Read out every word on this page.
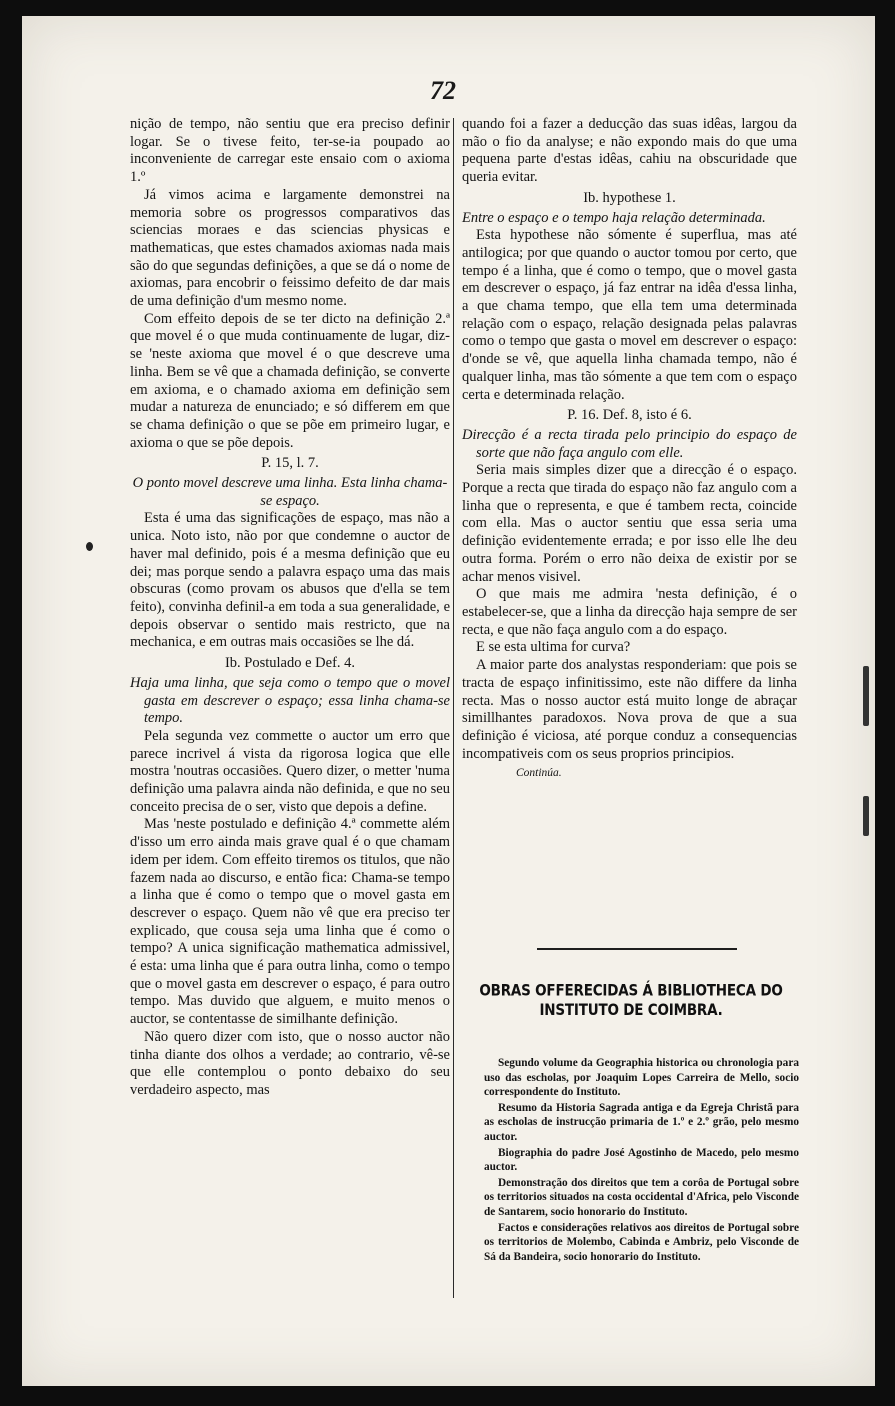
72

nição de tempo, não sentiu que era preciso definir logar. Se o tivese feito, ter-se-ia poupado ao inconveniente de carregar este ensaio com o axioma 1.º

Já vimos acima e largamente demonstrei na memoria sobre os progressos comparativos das sciencias moraes e das sciencias physicas e mathematicas, que estes chamados axiomas nada mais são do que segundas definições, a que se dá o nome de axiomas, para encobrir o feissimo defeito de dar mais de uma definição d'um mesmo nome.

Com effeito depois de se ter dicto na definição 2.ª que movel é o que muda continuamente de lugar, diz-se 'neste axioma que movel é o que descreve uma linha. Bem se vê que a chamada definição, se converte em axioma, e o chamado axioma em definição sem mudar a natureza de enunciado; e só differem em que se chama definição o que se põe em primeiro lugar, e axioma o que se põe depois.

P. 15, l. 7.

O ponto movel descreve uma linha. Esta linha chama-se espaço.

Esta é uma das significações de espaço, mas não a unica. Noto isto, não por que condemne o auctor de haver mal definido, pois é a mesma definição que eu dei; mas porque sendo a palavra espaço uma das mais obscuras (como provam os abusos que d'ella se tem feito), convinha definil-a em toda a sua generalidade, e depois observar o sentido mais restricto, que na mechanica, e em outras mais occasiões se lhe dá.

Ib. Postulado e Def. 4.

Haja uma linha, que seja como o tempo que o movel gasta em descrever o espaço; essa linha chama-se tempo.

Pela segunda vez commette o auctor um erro que parece incrivel á vista da rigorosa logica que elle mostra 'noutras occasiões. Quero dizer, o metter 'numa definição uma palavra ainda não definida, e que no seu conceito precisa de o ser, visto que depois a define.

Mas 'neste postulado e definição 4.ª commette além d'isso um erro ainda mais grave qual é o que chamam idem per idem. Com effeito tiremos os titulos, que não fazem nada ao discurso, e então fica: Chama-se tempo a linha que é como o tempo que o movel gasta em descrever o espaço. Quem não vê que era preciso ter explicado, que cousa seja uma linha que é como o tempo? A unica significação mathematica admissivel, é esta: uma linha que é para outra linha, como o tempo que o movel gasta em descrever o espaço, é para outro tempo. Mas duvido que alguem, e muito menos o auctor, se contentasse de similhante definição.

Não quero dizer com isto, que o nosso auctor não tinha diante dos olhos a verdade; ao contrario, vê-se que elle contemplou o ponto debaixo do seu verdadeiro aspecto, mas

quando foi a fazer a deducção das suas idêas, largou da mão o fio da analyse; e não expondo mais do que uma pequena parte d'estas idêas, cahiu na obscuridade que queria evitar.

Ib. hypothese 1.

Entre o espaço e o tempo haja relação determinada.

Esta hypothese não sómente é superflua, mas até antilogica; por que quando o auctor tomou por certo, que tempo é a linha, que é como o tempo, que o movel gasta em descrever o espaço, já faz entrar na idêa d'essa linha, a que chama tempo, que ella tem uma determinada relação com o espaço, relação designada pelas palavras como o tempo que gasta o movel em descrever o espaço: d'onde se vê, que aquella linha chamada tempo, não é qualquer linha, mas tão sómente a que tem com o espaço certa e determinada relação.

P. 16. Def. 8, isto é 6.

Direcção é a recta tirada pelo principio do espaço de sorte que não faça angulo com elle.

Seria mais simples dizer que a direcção é o espaço. Porque a recta que tirada do espaço não faz angulo com a linha que o representa, e que é tambem recta, coincide com ella. Mas o auctor sentiu que essa seria uma definição evidentemente errada; e por isso elle lhe deu outra forma. Porém o erro não deixa de existir por se achar menos visivel.

O que mais me admira 'nesta definição, é o estabelecer-se, que a linha da direcção haja sempre de ser recta, e que não faça angulo com a do espaço.

E se esta ultima for curva?

A maior parte dos analystas responderiam: que pois se tracta de espaço infinitissimo, este não differe da linha recta. Mas o nosso auctor está muito longe de abraçar simillhantes paradoxos. Nova prova de que a sua definição é viciosa, até porque conduz a consequencias incompativeis com os seus proprios principios.

Continúa.

OBRAS OFFERECIDAS Á BIBLIOTHECA DO INSTITUTO DE COIMBRA.

Segundo volume da Geographia historica ou chronologia para uso das escholas, por Joaquim Lopes Carreira de Mello, socio correspondente do Instituto.

Resumo da Historia Sagrada antiga e da Egreja Christã para as escholas de instrucção primaria de 1.º e 2.º grão, pelo mesmo auctor.

Biographia do padre José Agostinho de Macedo, pelo mesmo auctor.

Demonstração dos direitos que tem a corôa de Portugal sobre os territorios situados na costa occidental d'Africa, pelo Visconde de Santarem, socio honorario do Instituto.

Factos e considerações relativos aos direitos de Portugal sobre os territorios de Molembo, Cabinda e Ambriz, pelo Visconde de Sá da Bandeira, socio honorario do Instituto.
